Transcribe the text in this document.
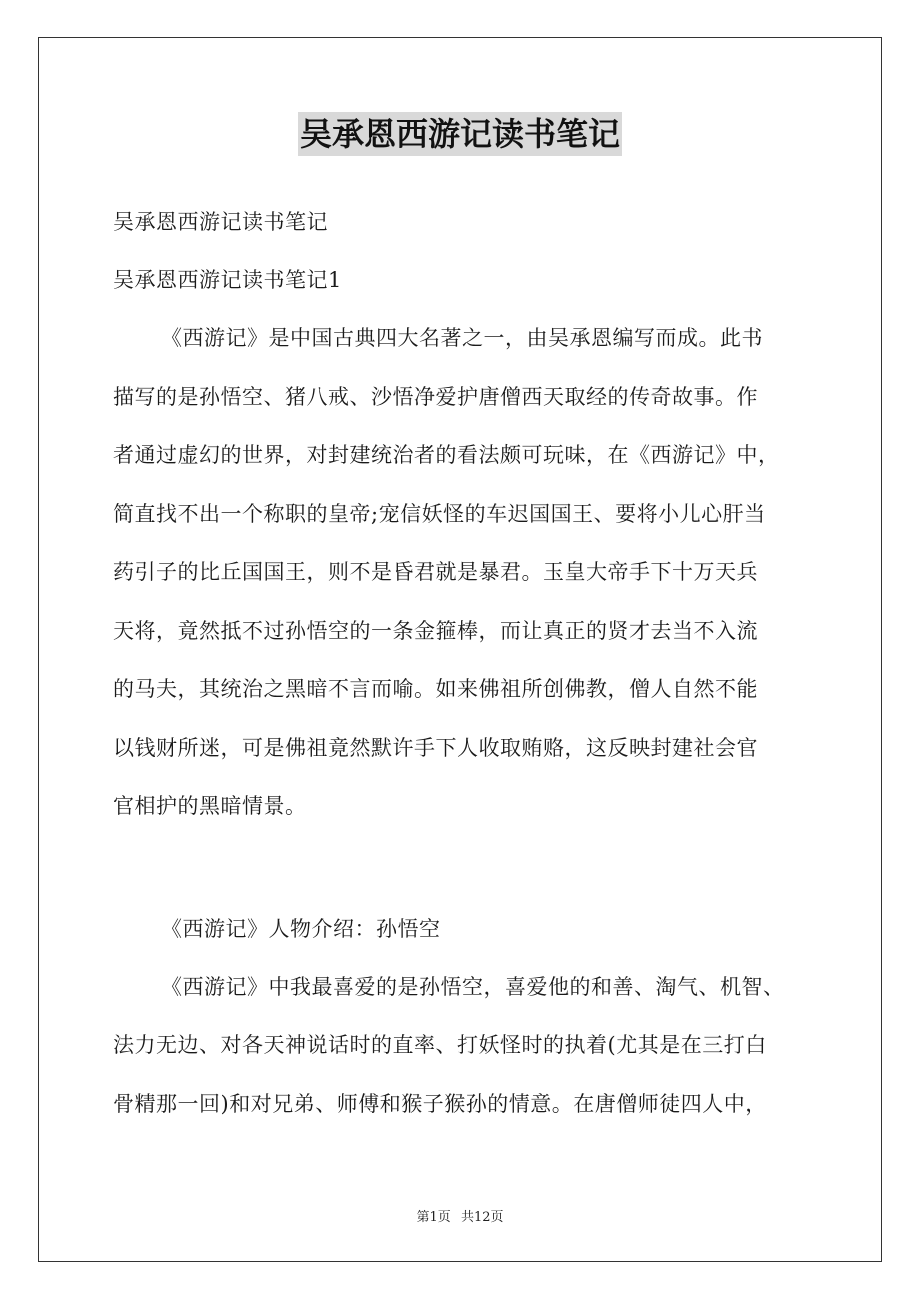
吴承恩西游记读书笔记

吴承恩西游记读书笔记

吴承恩西游记读书笔记1

《西游记》是中国古典四大名著之一，由吴承恩编写而成。此书
描写的是孙悟空、猪八戒、沙悟净爱护唐僧西天取经的传奇故事。作
者通过虚幻的世界，对封建统治者的看法颇可玩味，在《西游记》中，
简直找不出一个称职的皇帝;宠信妖怪的车迟国国王、要将小儿心肝当
药引子的比丘国国王，则不是昏君就是暴君。玉皇大帝手下十万天兵
天将，竟然抵不过孙悟空的一条金箍棒，而让真正的贤才去当不入流
的马夫，其统治之黑暗不言而喻。如来佛祖所创佛教，僧人自然不能
以钱财所迷，可是佛祖竟然默许手下人收取贿赂，这反映封建社会官
官相护的黑暗情景。

《西游记》人物介绍：孙悟空

《西游记》中我最喜爱的是孙悟空，喜爱他的和善、淘气、机智、
法力无边、对各天神说话时的直率、打妖怪时的执着(尤其是在三打白
骨精那一回)和对兄弟、师傅和猴子猴孙的情意。在唐僧师徒四人中，
第1页 共12页
